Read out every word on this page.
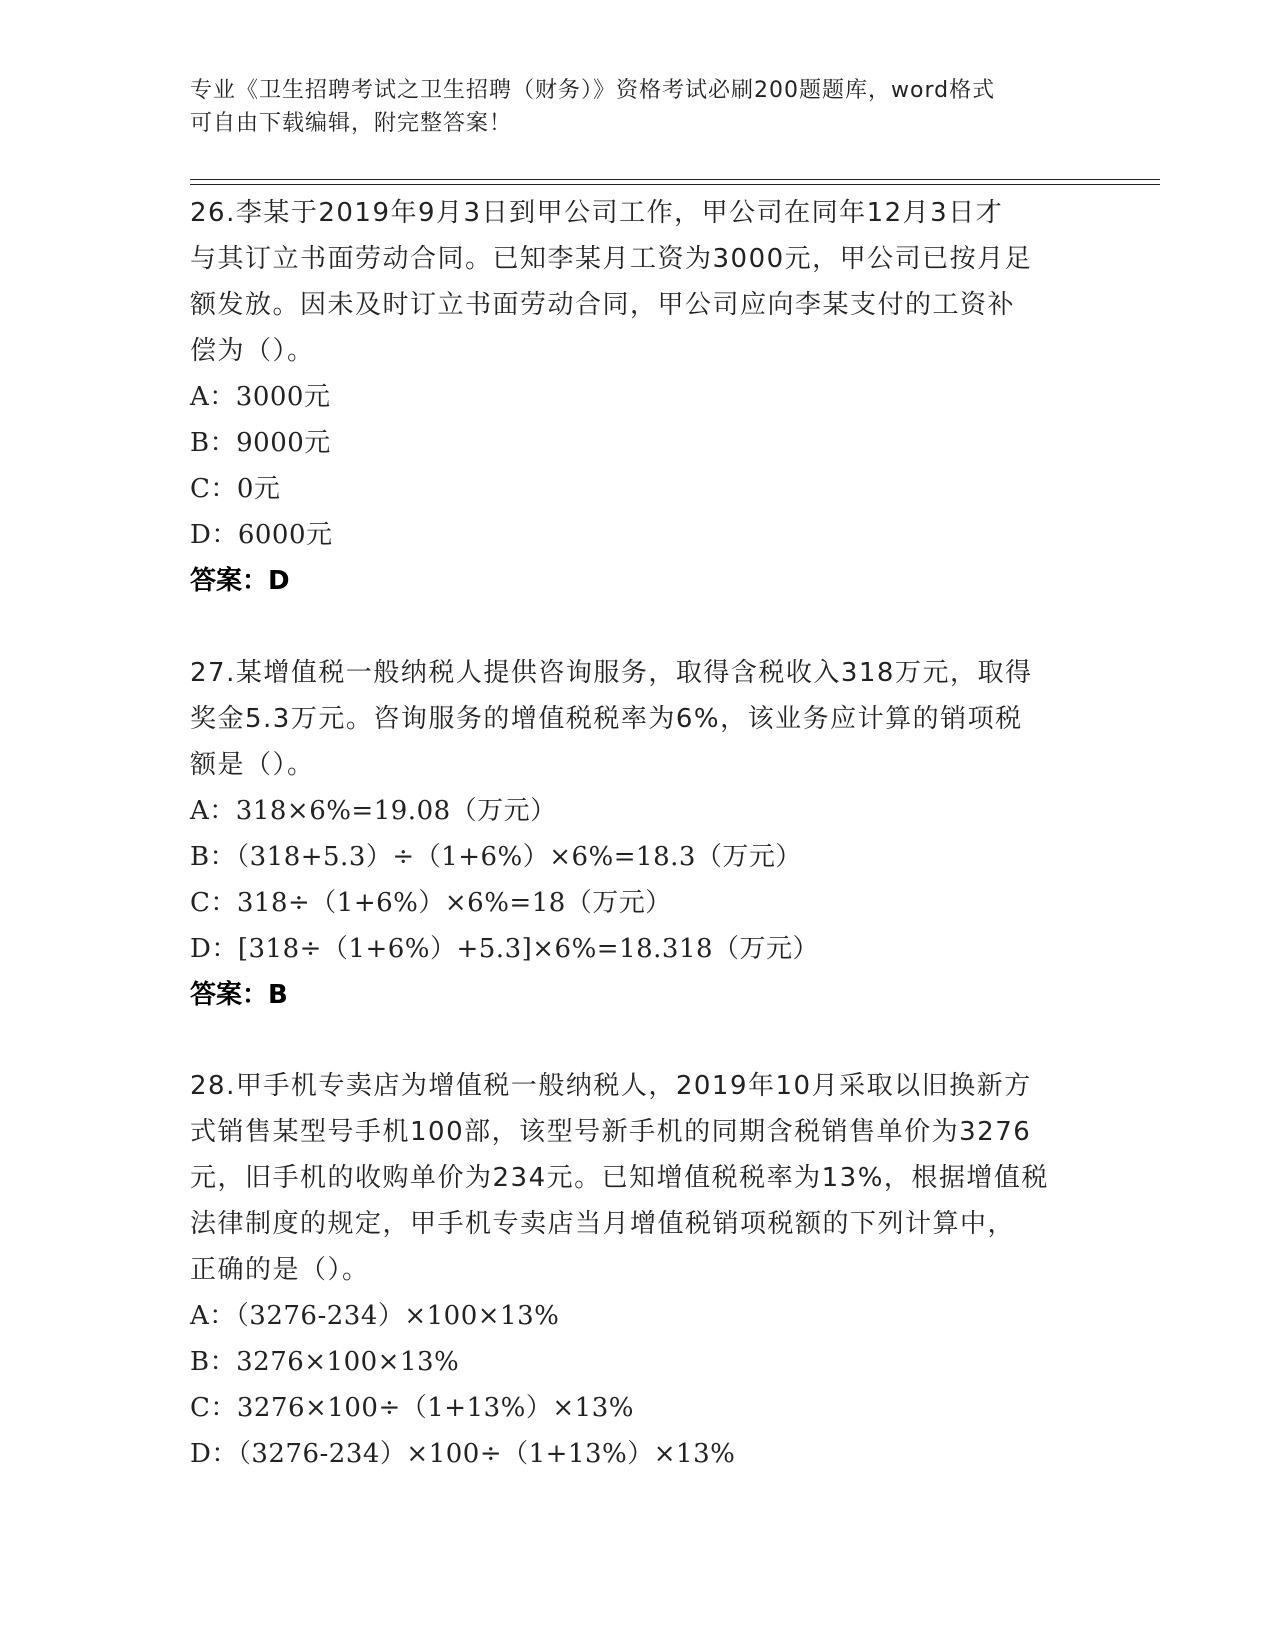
专业《卫生招聘考试之卫生招聘（财务）》资格考试必刷200题题库，word格式
可自由下载编辑，附完整答案！
26.李某于2019年9月3日到甲公司工作，甲公司在同年12月3日才
与其订立书面劳动合同。已知李某月工资为3000元，甲公司已按月足
额发放。因未及时订立书面劳动合同，甲公司应向李某支付的工资补
偿为（）。
A：3000元
B：9000元
C：0元
D：6000元
答案：D
27.某增值税一般纳税人提供咨询服务，取得含税收入318万元，取得
奖金5.3万元。咨询服务的增值税税率为6%，该业务应计算的销项税
额是（）。
A：318×6%=19.08（万元）
B：（318+5.3）÷（1+6%）×6%=18.3（万元）
C：318÷（1+6%）×6%=18（万元）
D：[318÷（1+6%）+5.3]×6%=18.318（万元）
答案：B
28.甲手机专卖店为增值税一般纳税人，2019年10月采取以旧换新方
式销售某型号手机100部，该型号新手机的同期含税销售单价为3276
元，旧手机的收购单价为234元。已知增值税税率为13%，根据增值税
法律制度的规定，甲手机专卖店当月增值税销项税额的下列计算中，
正确的是（）。
A：（3276-234）×100×13%
B：3276×100×13%
C：3276×100÷（1+13%）×13%
D：（3276-234）×100÷（1+13%）×13%
